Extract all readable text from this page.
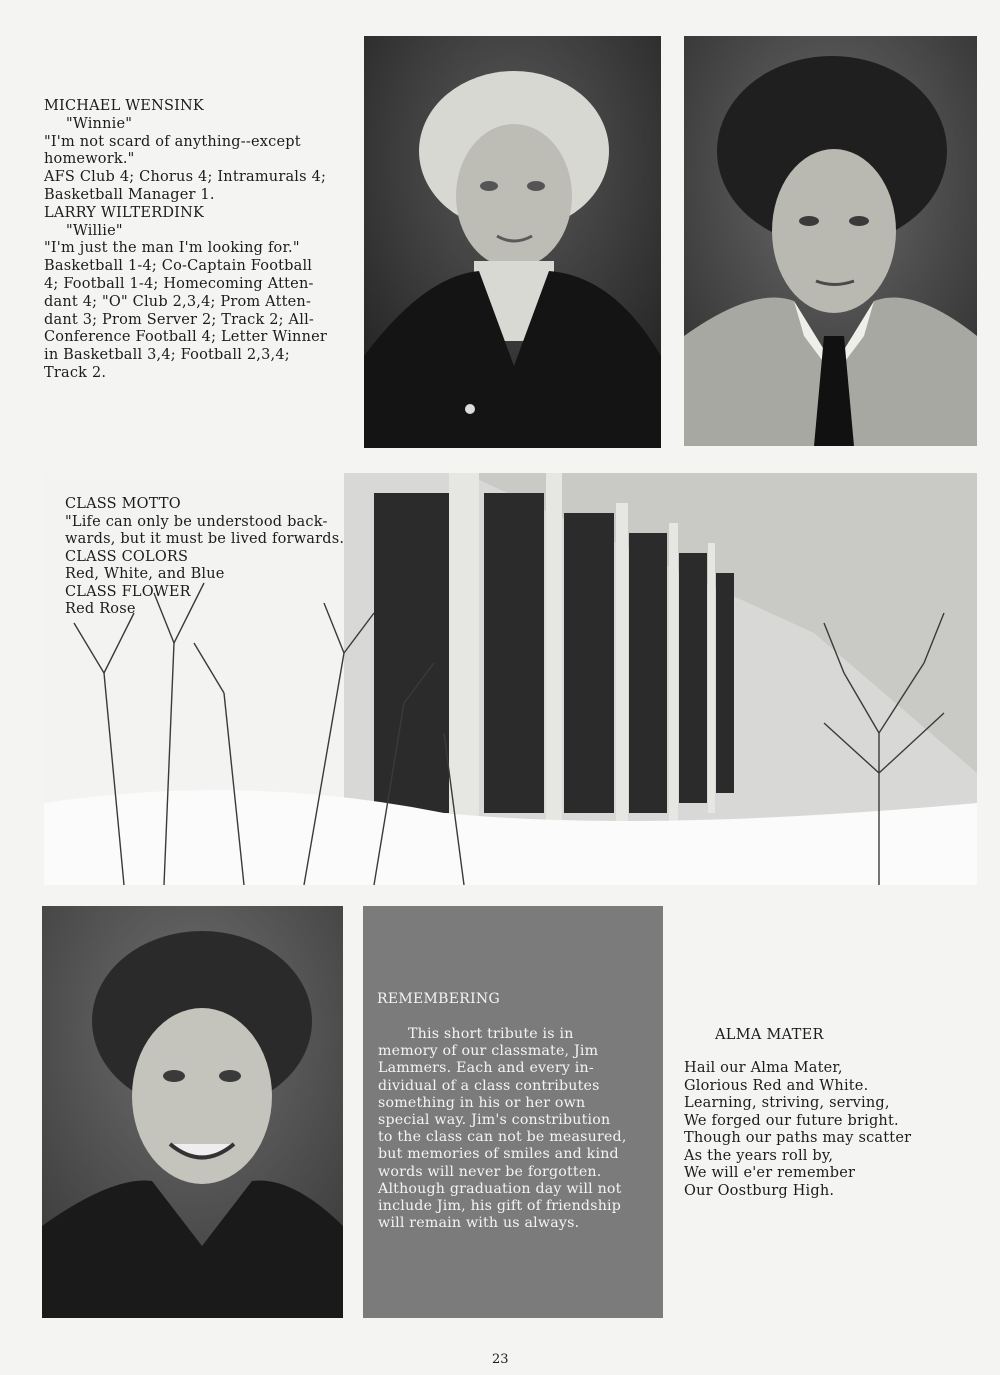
MICHAEL WENSINK
"Winnie"
"I'm not scard of anything--except
homework."
AFS Club 4; Chorus 4; Intramurals 4;
Basketball Manager 1.
LARRY WILTERDINK
"Willie"
"I'm just the man I'm looking for."
Basketball 1-4; Co-Captain Football
4; Football 1-4; Homecoming Atten-
dant 4; "O" Club 2,3,4; Prom Atten-
dant 3; Prom Server 2; Track 2; All-
Conference Football 4; Letter Winner
in Basketball 3,4; Football 2,3,4;
Track 2.
CLASS MOTTO
"Life can only be understood back-
wards, but it must be lived forwards.
CLASS COLORS
Red, White, and Blue
CLASS FLOWER
Red Rose
REMEMBERING
This short tribute is in
memory of our classmate, Jim
Lammers. Each and every in-
dividual of a class contributes
something in his or her own
special way. Jim's constribution
to the class can not be measured,
but memories of smiles and kind
words will never be forgotten.
Although graduation day will not
include Jim, his gift of friendship
will remain with us always.
ALMA MATER
Hail our Alma Mater,
Glorious Red and White.
Learning, striving, serving,
We forged our future bright.
Though our paths may scatter
As the years roll by,
We will e'er remember
Our Oostburg High.
23
